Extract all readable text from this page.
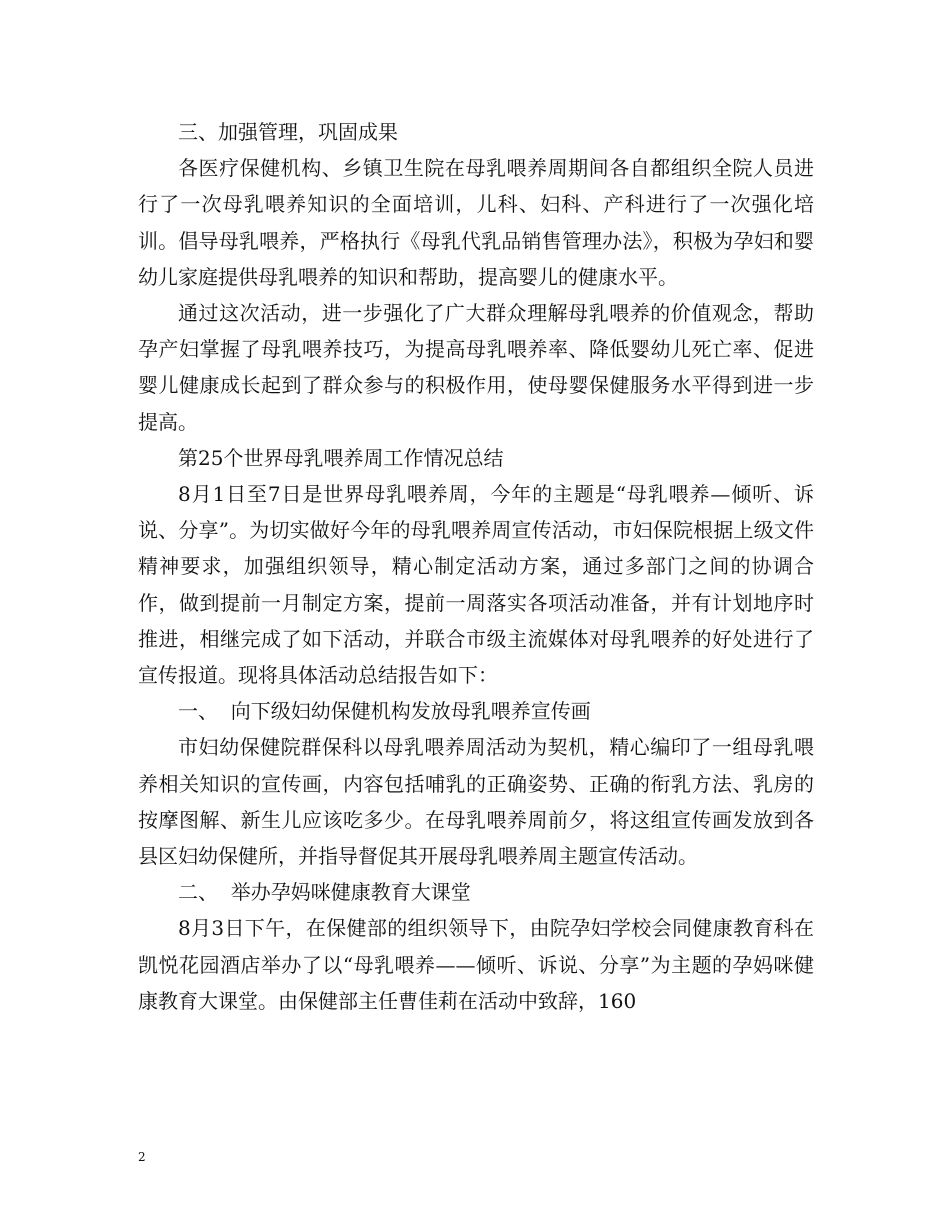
三、加强管理，巩固成果

各医疗保健机构、乡镇卫生院在母乳喂养周期间各自都组织全院人员进行了一次母乳喂养知识的全面培训，儿科、妇科、产科进行了一次强化培训。倡导母乳喂养，严格执行《母乳代乳品销售管理办法》，积极为孕妇和婴幼儿家庭提供母乳喂养的知识和帮助，提高婴儿的健康水平。

通过这次活动，进一步强化了广大群众理解母乳喂养的价值观念，帮助孕产妇掌握了母乳喂养技巧，为提高母乳喂养率、降低婴幼儿死亡率、促进婴儿健康成长起到了群众参与的积极作用，使母婴保健服务水平得到进一步提高。

第25个世界母乳喂养周工作情况总结

8月1日至7日是世界母乳喂养周，今年的主题是“母乳喂养—倾听、诉说、分享”。为切实做好今年的母乳喂养周宣传活动，市妇保院根据上级文件精神要求，加强组织领导，精心制定活动方案，通过多部门之间的协调合作，做到提前一月制定方案，提前一周落实各项活动准备，并有计划地序时推进，相继完成了如下活动，并联合市级主流媒体对母乳喂养的好处进行了宣传报道。现将具体活动总结报告如下：

一、  向下级妇幼保健机构发放母乳喂养宣传画

市妇幼保健院群保科以母乳喂养周活动为契机，精心编印了一组母乳喂养相关知识的宣传画，内容包括哺乳的正确姿势、正确的衔乳方法、乳房的按摩图解、新生儿应该吃多少。在母乳喂养周前夕，将这组宣传画发放到各县区妇幼保健所，并指导督促其开展母乳喂养周主题宣传活动。

二、  举办孕妈咪健康教育大课堂

8月3日下午，在保健部的组织领导下，由院孕妇学校会同健康教育科在凯悦花园酒店举办了以“母乳喂养——倾听、诉说、分享”为主题的孕妈咪健康教育大课堂。由保健部主任曹佳莉在活动中致辞，160

2
